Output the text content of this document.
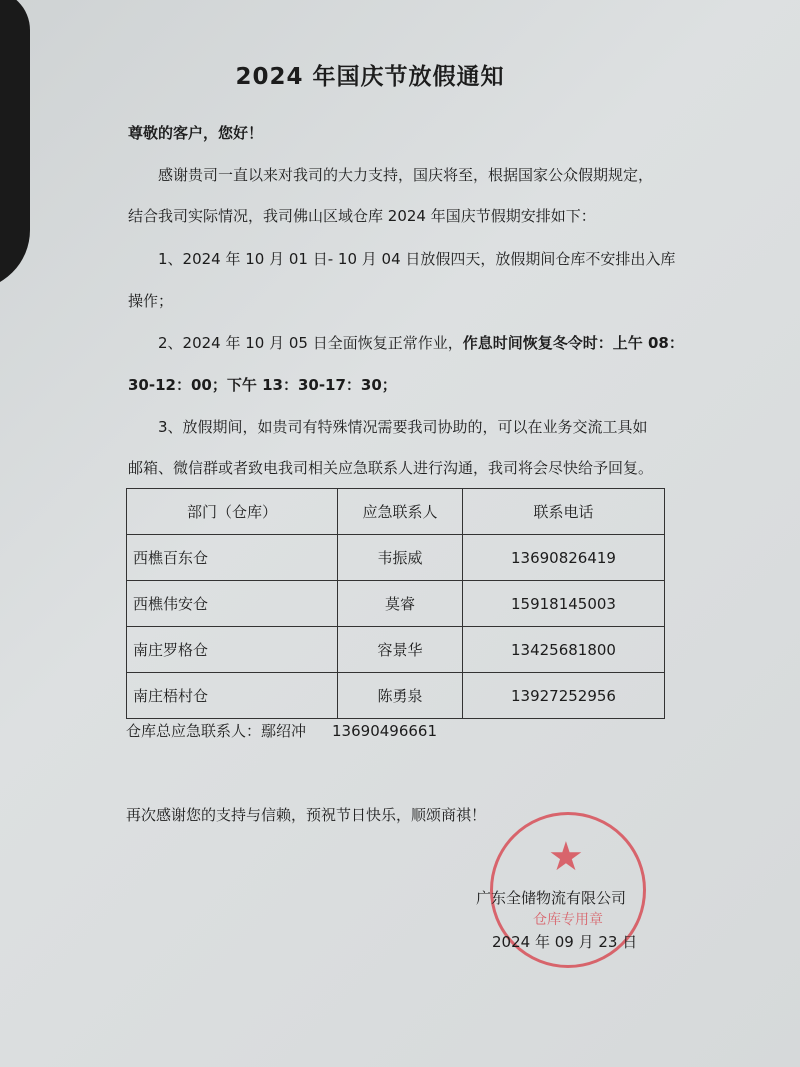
2024 年国庆节放假通知
尊敬的客户，您好！
感谢贵司一直以来对我司的大力支持，国庆将至，根据国家公众假期规定，
结合我司实际情况，我司佛山区域仓库 2024 年国庆节假期安排如下：
1、2024 年 10 月 01 日- 10 月 04 日放假四天，放假期间仓库不安排出入库
操作；
2、2024 年 10 月 05 日全面恢复正常作业，作息时间恢复冬令时：上午 08：
30-12：00；下午 13：30-17：30；
3、放假期间，如贵司有特殊情况需要我司协助的，可以在业务交流工具如
邮箱、微信群或者致电我司相关应急联系人进行沟通，我司将会尽快给予回复。
部门（仓库）	应急联系人	联系电话
西樵百东仓	韦振威	13690826419
西樵伟安仓	莫睿	15918145003
南庄罗格仓	容景华	13425681800
南庄梧村仓	陈勇泉	13927252956
仓库总应急联系人：鄢绍冲 13690496661
再次感谢您的支持与信赖，预祝节日快乐，顺颂商祺！
★
仓库专用章
广东全储物流有限公司
2024 年 09 月 23 日
